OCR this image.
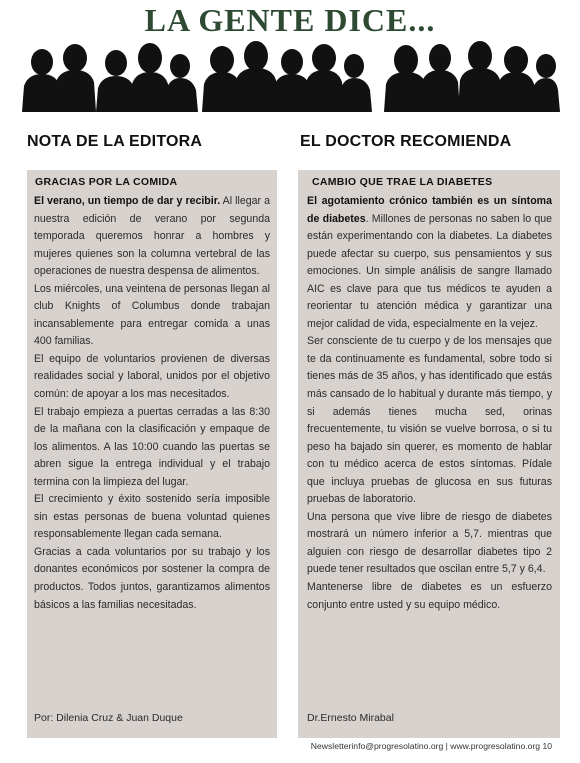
LA GENTE DICE...
NOTA DE LA EDITORA	EL DOCTOR RECOMIENDA
GRACIAS POR LA COMIDA

El verano, un tiempo de dar y recibir. Al llegar a nuestra edición de verano por segunda temporada queremos honrar a hombres y mujeres quienes son la columna vertebral de las operaciones de nuestra despensa de alimentos.

Los miércoles, una veintena de personas llegan al club Knights of Columbus donde trabajan incansablemente para entregar comida a unas 400 familias.

El equipo de voluntarios provienen de diversas realidades social y laboral, unidos por el objetivo común: de apoyar a los mas necesitados.

El trabajo empieza a puertas cerradas a las 8:30 de la mañana con la clasificación y empaque de los alimentos. A las 10:00 cuando las puertas se abren sigue la entrega individual y el trabajo termina con la limpieza del lugar.

El crecimiento y éxito sostenido sería imposible sin estas personas de buena voluntad quienes responsablemente llegan cada semana.

Gracias a cada voluntarios por su trabajo y los donantes económicos por sostener la compra de productos. Todos juntos, garantizamos alimentos básicos a las familias necesitadas.

Por: Dilenia Cruz & Juan Duque
CAMBIO QUE TRAE LA DIABETES

El agotamiento crónico también es un síntoma de diabetes. Millones de personas no saben lo que están experimentando con la diabetes. La diabetes puede afectar su cuerpo, sus pensamientos y sus emociones. Un simple análisis de sangre llamado AIC es clave para que tus médicos te ayuden a reorientar tu atención médica y garantizar una mejor calidad de vida, especialmente en la vejez.

Ser consciente de tu cuerpo y de los mensajes que te da continuamente es fundamental, sobre todo si tienes más de 35 años, y has identificado que estás más cansado de lo habitual y durante más tiempo, y si además tienes mucha sed, orinas frecuentemente, tu visión se vuelve borrosa, o si tu peso ha bajado sin querer, es momento de hablar con tu médico acerca de estos síntomas. Pídale que incluya pruebas de glucosa en sus futuras pruebas de laboratorio.

Una persona que vive libre de riesgo de diabetes mostrará un número inferior a 5,7. mientras que alguien con riesgo de desarrollar diabetes tipo 2 puede tener resultados que oscilan entre 5,7 y 6,4.

Mantenerse libre de diabetes es un esfuerzo conjunto entre usted y su equipo médico.

Dr.Ernesto Mirabal
Newsletterinfo@progresolatino.org | www.progresolatino.org 10
